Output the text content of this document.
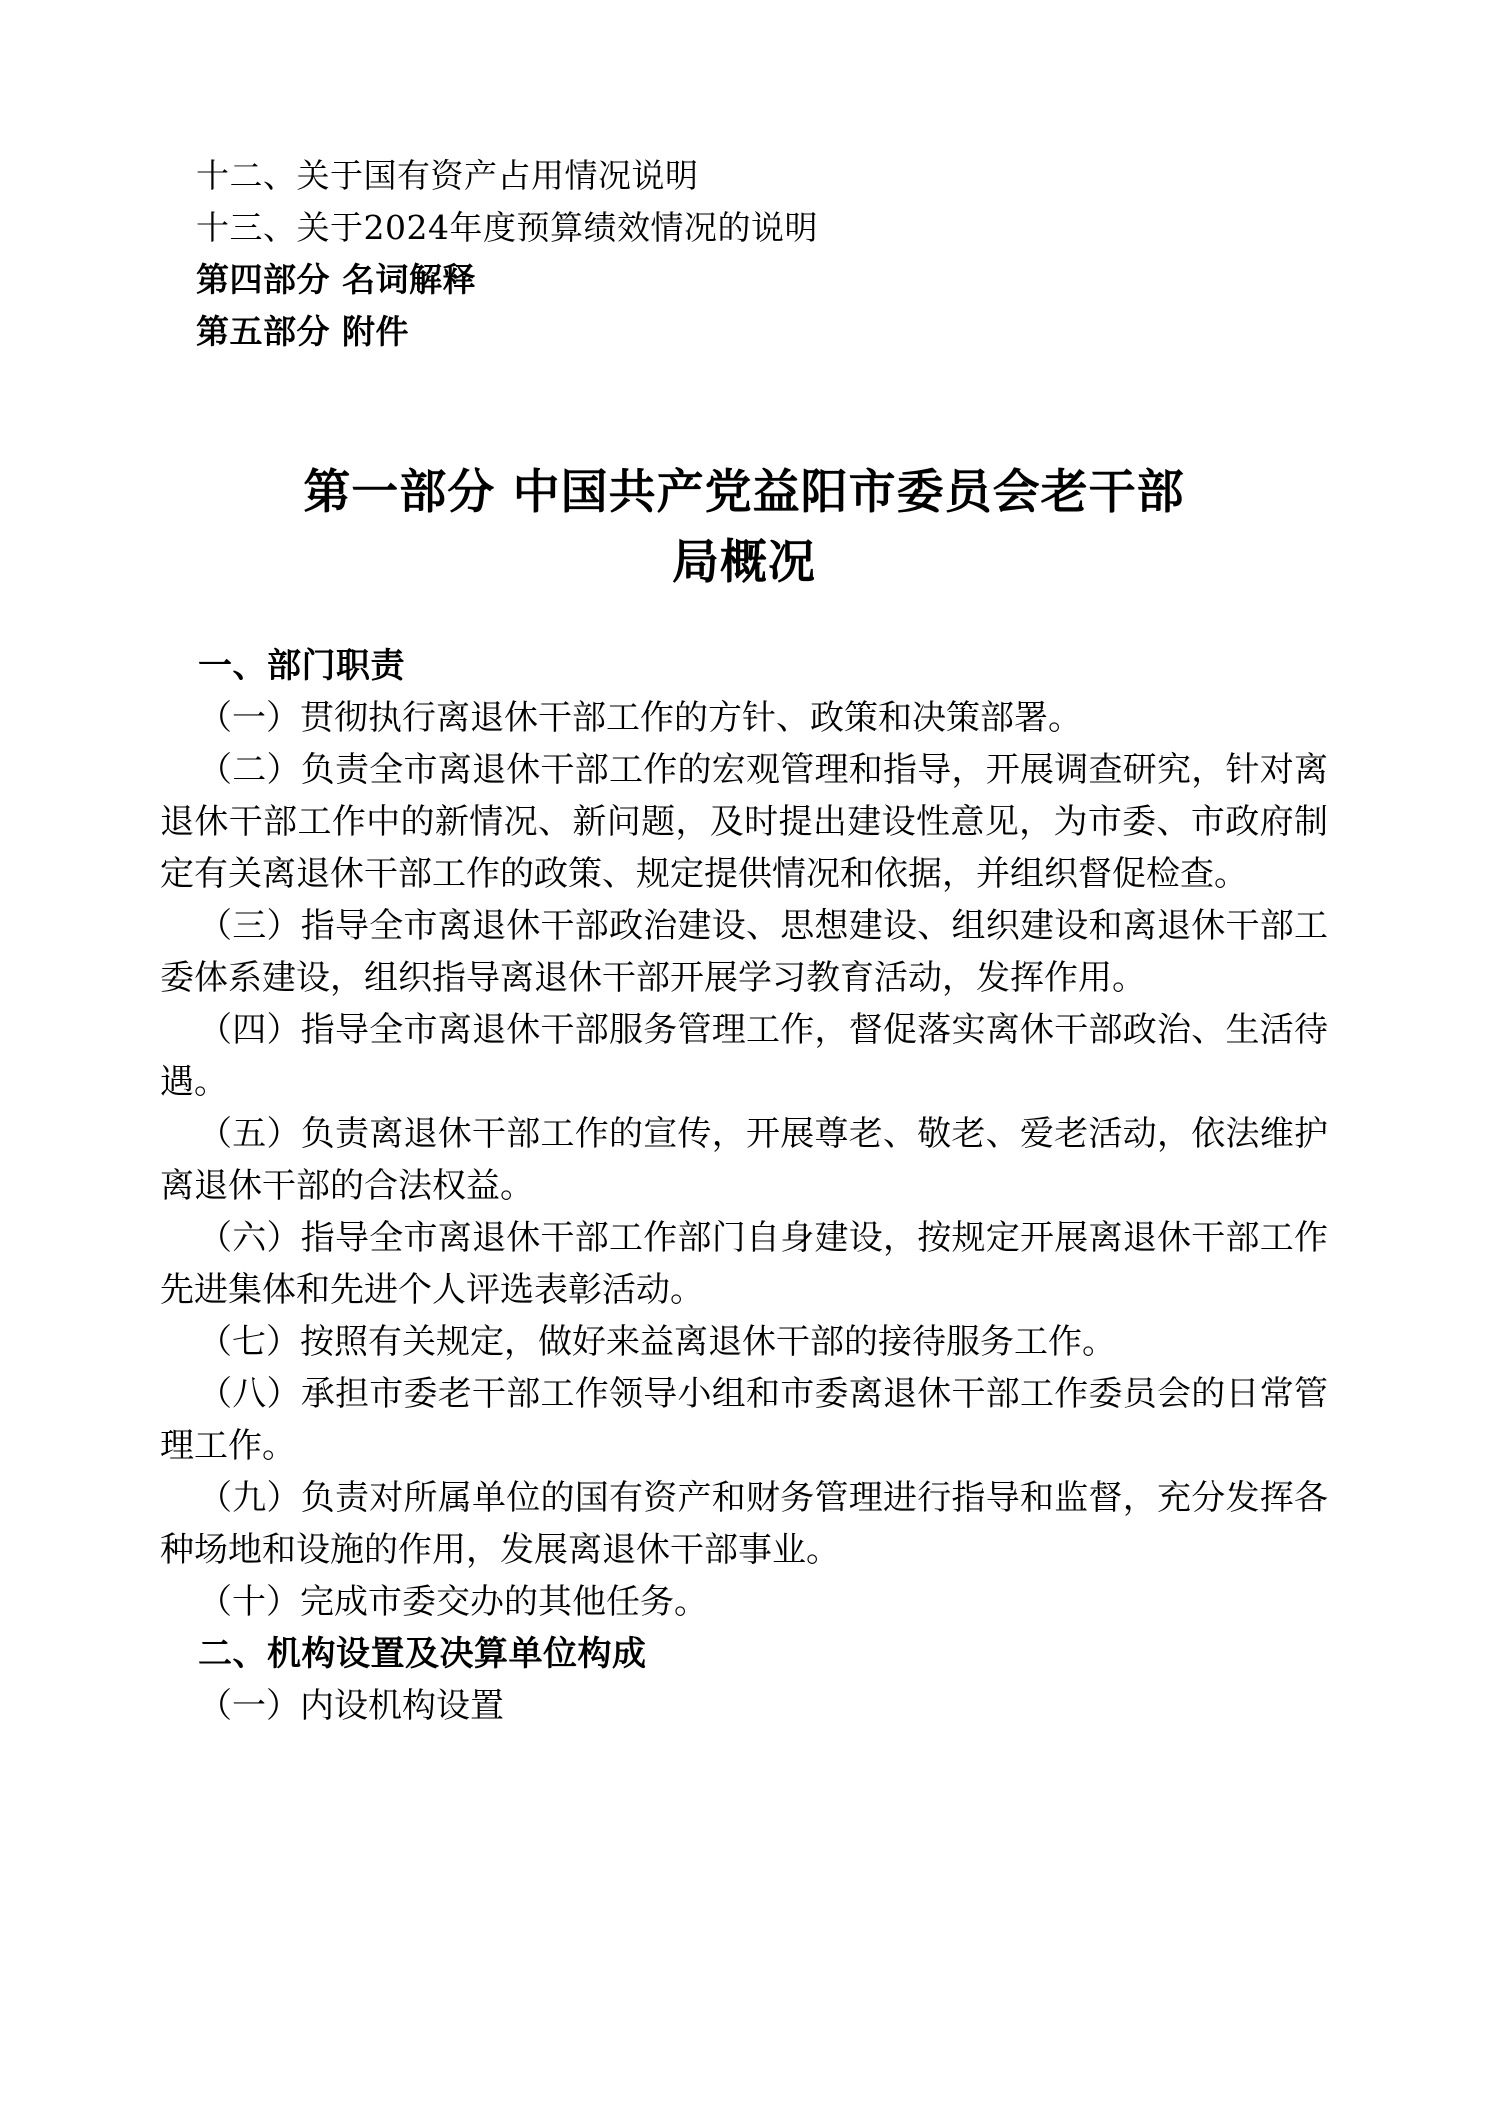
十二、关于国有资产占用情况说明
十三、关于2024年度预算绩效情况的说明
第四部分 名词解释
第五部分 附件
第一部分 中国共产党益阳市委员会老干部
局概况
一、部门职责

（一）贯彻执行离退休干部工作的方针、政策和决策部署。

（二）负责全市离退休干部工作的宏观管理和指导，开展调查研究，针对离退休干部工作中的新情况、新问题，及时提出建设性意见，为市委、市政府制定有关离退休干部工作的政策、规定提供情况和依据，并组织督促检查。

（三）指导全市离退休干部政治建设、思想建设、组织建设和离退休干部工委体系建设，组织指导离退休干部开展学习教育活动，发挥作用。

（四）指导全市离退休干部服务管理工作，督促落实离休干部政治、生活待遇。

（五）负责离退休干部工作的宣传，开展尊老、敬老、爱老活动，依法维护离退休干部的合法权益。

（六）指导全市离退休干部工作部门自身建设，按规定开展离退休干部工作先进集体和先进个人评选表彰活动。

（七）按照有关规定，做好来益离退休干部的接待服务工作。

（八）承担市委老干部工作领导小组和市委离退休干部工作委员会的日常管理工作。

（九）负责对所属单位的国有资产和财务管理进行指导和监督，充分发挥各种场地和设施的作用，发展离退休干部事业。

（十）完成市委交办的其他任务。

二、机构设置及决算单位构成

（一）内设机构设置
